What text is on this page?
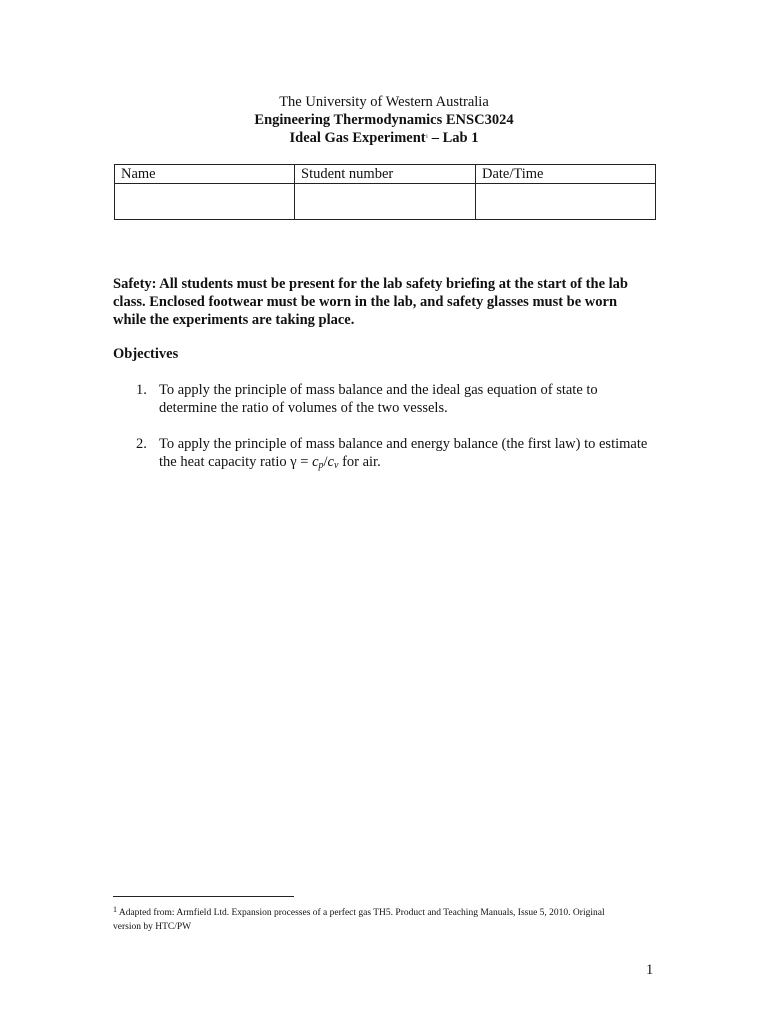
The University of Western Australia
Engineering Thermodynamics ENSC3024
Ideal Gas Experiment$^1$ – Lab 1
Name	Student number	Date/Time

Safety: All students must be present for the lab safety briefing at the start of the lab
class. Enclosed footwear must be worn in the lab, and safety glasses must be worn
while the experiments are taking place.

Objectives
1. To apply the principle of mass balance and the ideal gas equation of state to
determine the ratio of volumes of the two vessels.
2. To apply the principle of mass balance and energy balance (the first law) to estimate
the heat capacity ratio $\gamma = c_p/c_v$ for air.
$^1$ Adapted from: Armfield Ltd. Expansion processes of a perfect gas TH5. Product and Teaching Manuals, Issue 5, 2010. Original
version by HTC/PW
1
